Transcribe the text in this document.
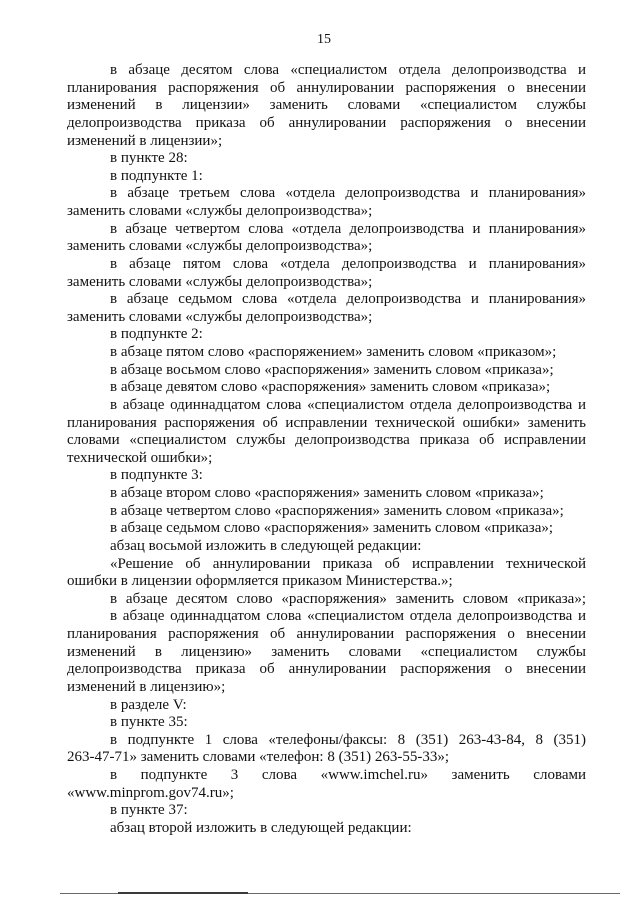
15
в абзаце десятом слова «специалистом отдела делопроизводства и
планирования распоряжения об аннулировании распоряжения о внесении
изменений в лицензии» заменить словами «специалистом службы
делопроизводства приказа об аннулировании распоряжения о внесении
изменений в лицензии»;
в пункте 28:
в подпункте 1:
в абзаце третьем слова «отдела делопроизводства и планирования»
заменить словами «службы делопроизводства»;
в абзаце четвертом слова «отдела делопроизводства и планирования»
заменить словами «службы делопроизводства»;
в абзаце пятом слова «отдела делопроизводства и планирования»
заменить словами «службы делопроизводства»;
в абзаце седьмом слова «отдела делопроизводства и планирования»
заменить словами «службы делопроизводства»;
в подпункте 2:
в абзаце пятом слово «распоряжением» заменить словом «приказом»;
в абзаце восьмом слово «распоряжения» заменить словом «приказа»;
в абзаце девятом слово «распоряжения» заменить словом «приказа»;
в абзаце одиннадцатом слова «специалистом отдела делопроизводства и
планирования распоряжения об исправлении технической ошибки» заменить
словами «специалистом службы делопроизводства приказа об исправлении
технической ошибки»;
в подпункте 3:
в абзаце втором слово «распоряжения» заменить словом «приказа»;
в абзаце четвертом слово «распоряжения» заменить словом «приказа»;
в абзаце седьмом слово «распоряжения» заменить словом «приказа»;
абзац восьмой изложить в следующей редакции:
«Решение об аннулировании приказа об исправлении технической
ошибки в лицензии оформляется приказом Министерства.»;
в абзаце десятом слово «распоряжения» заменить словом «приказа»;
в абзаце одиннадцатом слова «специалистом отдела делопроизводства и
планирования распоряжения об аннулировании распоряжения о внесении
изменений в лицензию» заменить словами «специалистом службы
делопроизводства приказа об аннулировании распоряжения о внесении
изменений в лицензию»;
в разделе V:
в пункте 35:
в подпункте 1 слова «телефоны/факсы: 8 (351) 263-43-84, 8 (351)
263-47-71» заменить словами «телефон: 8 (351) 263-55-33»;
в подпункте 3 слова «www.imchel.ru» заменить словами
«www.minprom.gov74.ru»;
в пункте 37:
абзац второй изложить в следующей редакции:
